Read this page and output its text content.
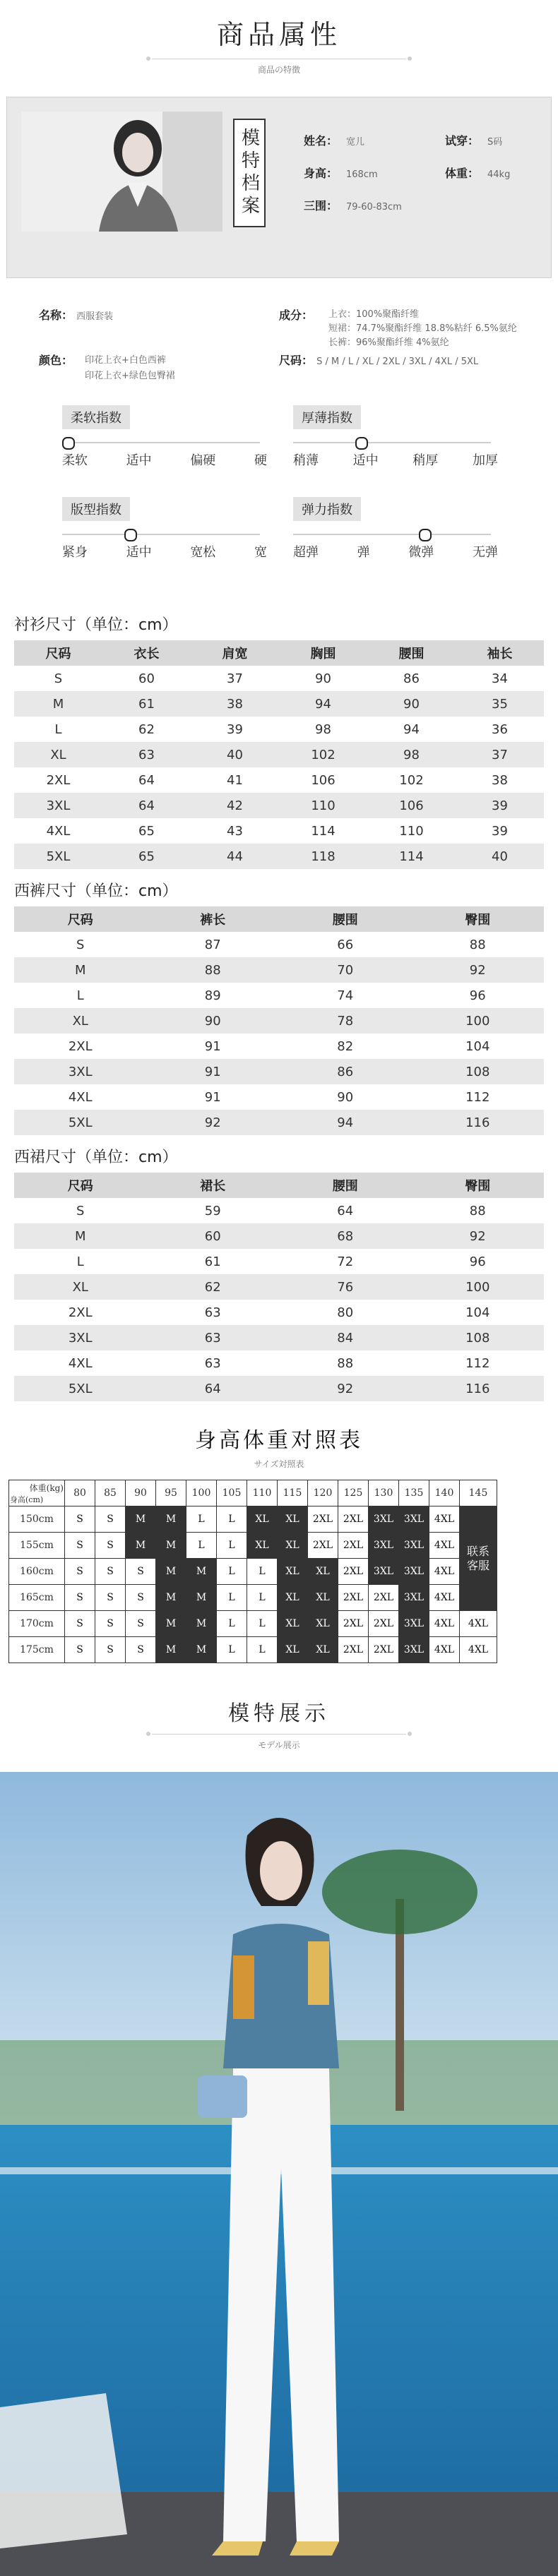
商品属性
商品の特徴
模特档案	姓名： 宽儿
身高： 168cm
三围： 79-60-83cm
试穿： S码
体重： 44kg
名称： 西服套装
颜色： 印花上衣+白色西裤
印花上衣+绿色包臀裙
成分： 上衣：100%聚酯纤维
短裙：74.7%聚酯纤维 18.8%粘纤 6.5%氨纶
长裤：96%聚酯纤维 4%氨纶
尺码： S / M / L / XL / 2XL / 3XL / 4XL / 5XL
柔软指数
柔软	适中	偏硬	硬
厚薄指数
稍薄	适中	稍厚	加厚
版型指数
紧身	适中	宽松	宽
弹力指数
超弹	弹	微弹	无弹
衬衫尺寸（单位：cm）
尺码	衣长	肩宽	胸围	腰围	袖长
S	60	37	90	86	34
M	61	38	94	90	35
L	62	39	98	94	36
XL	63	40	102	98	37
2XL	64	41	106	102	38
3XL	64	42	110	106	39
4XL	65	43	114	110	39
5XL	65	44	118	114	40
西裤尺寸（单位：cm）
尺码	裤长	腰围	臀围
S	87	66	88
M	88	70	92
L	89	74	96
XL	90	78	100
2XL	91	82	104
3XL	91	86	108
4XL	91	90	112
5XL	92	94	116
西裙尺寸（单位：cm）
尺码	裙长	腰围	臀围
S	59	64	88
M	60	68	92
L	61	72	96
XL	62	76	100
2XL	63	80	104
3XL	63	84	108
4XL	63	88	112
5XL	64	92	116
身高体重对照表
サイズ対照表
体重(kg)
身高(cm)	80	85	90	95	100	105	110	115	120	125	130	135	140	145
150cm	S	S	M	M	L	L	XL	XL	2XL	2XL	3XL	3XL	4XL	联系客服
155cm	S	S	M	M	L	L	XL	XL	2XL	2XL	3XL	3XL	4XL	
160cm	S	S	S	M	M	L	L	XL	XL	2XL	3XL	3XL	4XL	
165cm	S	S	S	M	M	L	L	XL	XL	2XL	2XL	3XL	4XL	
170cm	S	S	S	M	M	L	L	XL	XL	2XL	2XL	3XL	4XL	4XL
175cm	S	S	S	M	M	L	L	XL	XL	2XL	2XL	3XL	4XL	4XL
模特展示
モデル展示
